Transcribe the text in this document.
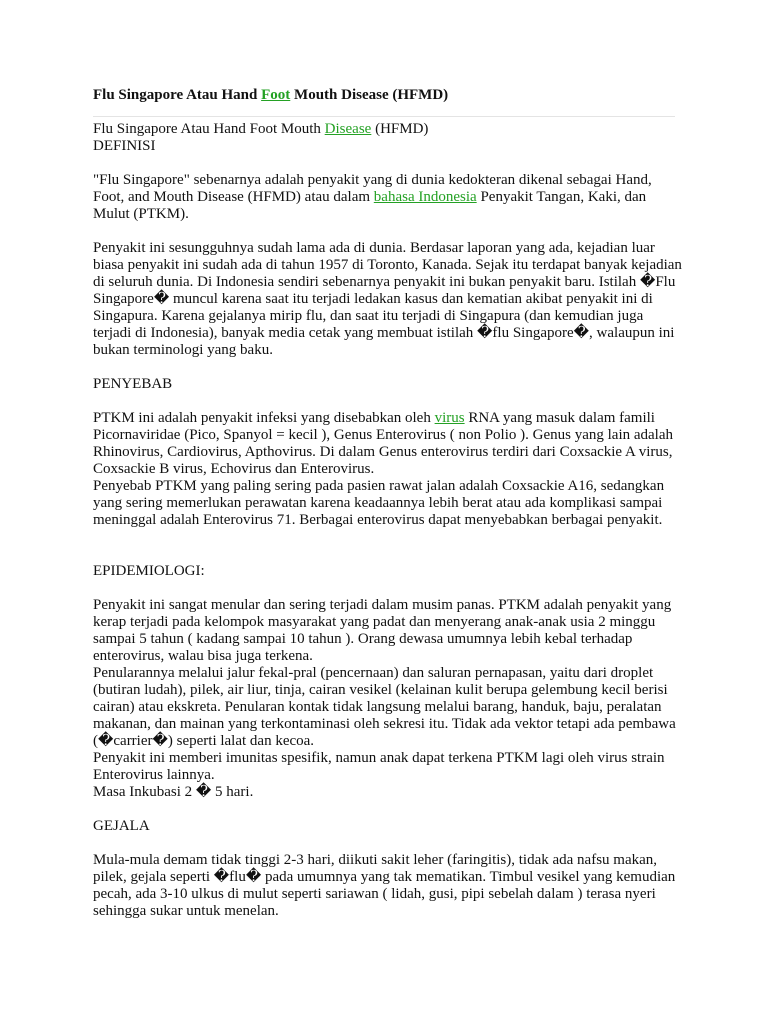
Flu Singapore Atau Hand Foot Mouth Disease (HFMD)

Flu Singapore Atau Hand Foot Mouth Disease (HFMD)

DEFINISI

"Flu Singapore" sebenarnya adalah penyakit yang di dunia kedokteran dikenal sebagai Hand, Foot, and Mouth Disease (HFMD) atau dalam bahasa Indonesia Penyakit Tangan, Kaki, dan Mulut (PTKM).

Penyakit ini sesungguhnya sudah lama ada di dunia. Berdasar laporan yang ada, kejadian luar biasa penyakit ini sudah ada di tahun 1957 di Toronto, Kanada. Sejak itu terdapat banyak kejadian di seluruh dunia. Di Indonesia sendiri sebenarnya penyakit ini bukan penyakit baru. Istilah �Flu Singapore� muncul karena saat itu terjadi ledakan kasus dan kematian akibat penyakit ini di Singapura. Karena gejalanya mirip flu, dan saat itu terjadi di Singapura (dan kemudian juga terjadi di Indonesia), banyak media cetak yang membuat istilah �flu Singapore�, walaupun ini bukan terminologi yang baku.

PENYEBAB

PTKM ini adalah penyakit infeksi yang disebabkan oleh virus RNA yang masuk dalam famili Picornaviridae (Pico, Spanyol = kecil ), Genus Enterovirus ( non Polio ). Genus yang lain adalah Rhinovirus, Cardiovirus, Apthovirus. Di dalam Genus enterovirus terdiri dari Coxsackie A virus, Coxsackie B virus, Echovirus dan Enterovirus.

Penyebab PTKM yang paling sering pada pasien rawat jalan adalah Coxsackie A16, sedangkan yang sering memerlukan perawatan karena keadaannya lebih berat atau ada komplikasi sampai meninggal adalah Enterovirus 71. Berbagai enterovirus dapat menyebabkan berbagai penyakit.

EPIDEMIOLOGI:

Penyakit ini sangat menular dan sering terjadi dalam musim panas. PTKM adalah penyakit yang kerap terjadi pada kelompok masyarakat yang padat dan menyerang anak-anak usia 2 minggu sampai 5 tahun ( kadang sampai 10 tahun ). Orang dewasa umumnya lebih kebal terhadap enterovirus, walau bisa juga terkena.

Penularannya melalui jalur fekal-pral (pencernaan) dan saluran pernapasan, yaitu dari droplet (butiran ludah), pilek, air liur, tinja, cairan vesikel (kelainan kulit berupa gelembung kecil berisi cairan) atau ekskreta. Penularan kontak tidak langsung melalui barang, handuk, baju, peralatan makanan, dan mainan yang terkontaminasi oleh sekresi itu. Tidak ada vektor tetapi ada pembawa (�carrier�) seperti lalat dan kecoa.

Penyakit ini memberi imunitas spesifik, namun anak dapat terkena PTKM lagi oleh virus strain Enterovirus lainnya.

Masa Inkubasi 2 � 5 hari.

GEJALA

Mula-mula demam tidak tinggi 2-3 hari, diikuti sakit leher (faringitis), tidak ada nafsu makan, pilek, gejala seperti �flu� pada umumnya yang tak mematikan. Timbul vesikel yang kemudian pecah, ada 3-10 ulkus di mulut seperti sariawan ( lidah, gusi, pipi sebelah dalam ) terasa nyeri sehingga sukar untuk menelan.
